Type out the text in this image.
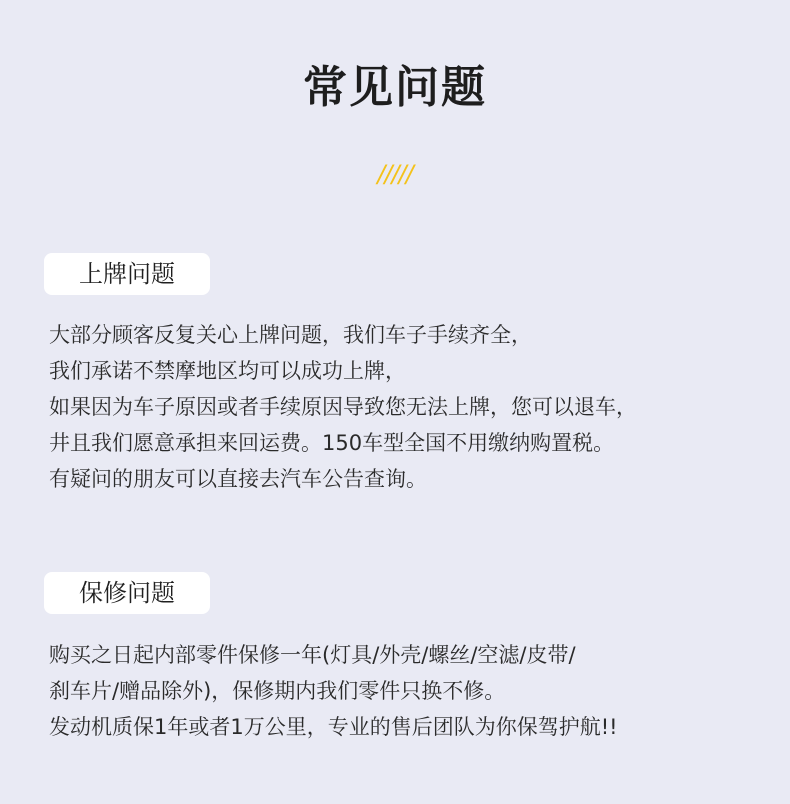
常见问题
/////
上牌问题
大部分顾客反复关心上牌问题，我们车子手续齐全，
我们承诺不禁摩地区均可以成功上牌，
如果因为车子原因或者手续原因导致您无法上牌，您可以退车，
井且我们愿意承担来回运费。150车型全国不用缴纳购置税。
有疑问的朋友可以直接去汽车公告查询。
保修问题
购买之日起内部零件保修一年(灯具/外壳/螺丝/空滤/皮带/
刹车片/赠品除外)，保修期内我们零件只换不修。
发动机质保1年或者1万公里，专业的售后团队为你保驾护航!!
